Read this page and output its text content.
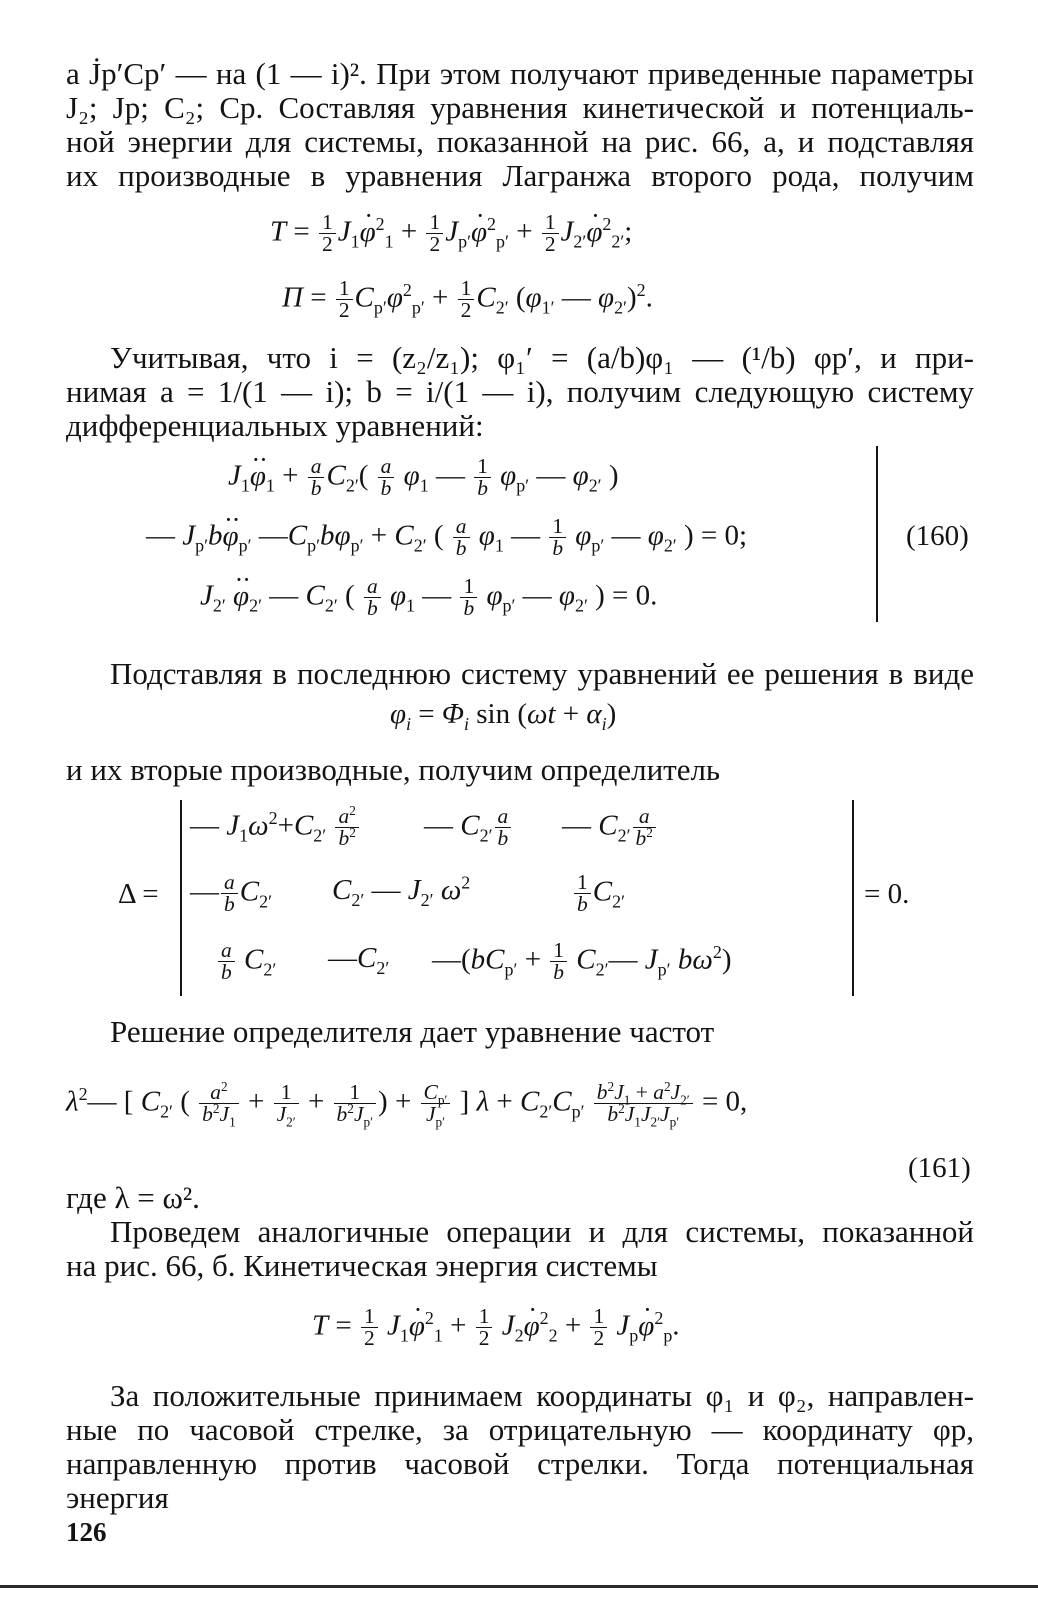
а J̇p′Cp′ — на (1 — i)². При этом получают приведенные параметры
J₂; Jp; C₂; Cp. Составляя уравнения кинетической и потенциаль-
ной энергии для системы, показанной на рис. 66, а, и подставляя
их производные в уравнения Лагранжа второго рода, получим
$T = \frac{1}{2} J_1\cdot \varphi^2_1 + \frac{1}{2} J_{p'}\cdot \varphi^2_{p'} + \frac{1}{2} J_{2'}\cdot \varphi^2_{2'}$;
$П = \frac{1}{2} C_{p'}\varphi^2_{p'} + \frac{1}{2} C_{2'}$ ($\varphi_{1'}$ — $\varphi_{2'})^2$.
Учитывая, что i = (z₂/z₁); φ₁′ = (a/b)φ₁ — (¹/b) φp′, и при-
нимая a = 1/(1 — i); b = i/(1 — i), получим следующую систему
дифференциальных уравнений:
$J_1\cdot\cdot \varphi_1 + \frac{a}{b} C_{2'}( \frac{a}{b} \varphi_1$ — $\frac{1}{b} \varphi_{p'}$ — $\varphi_{2'}$ )
— $J_{p'}b\cdot\cdot \varphi_{p'}$ $—C_{p'}b\varphi_{p'} + C_{2'}$ ( $\frac{a}{b} \varphi_1$ — $\frac{1}{b} \varphi_{p'}$ — $\varphi_{2'}$ ) = 0;
$J_{2'} \cdot\cdot \varphi_{2'}$ — $C_{2'}$ ( $\frac{a}{b} \varphi_1$ — $\frac{1}{b} \varphi_{p'}$ — $\varphi_{2'}$ ) = 0.
(160)
Подставляя в последнюю систему уравнений ее решения в виде
$\varphi_i = \Phi_i$ $\sin (\omega t + \alpha_i)$
и их вторые производные, получим определитель
Δ =	= 0.
— $J_1\omega^2+C_{2'} \frac{a^2}{b^2}$ — $C_{2'} \frac{a}{b}$ — $C_{2'} \frac{a}{b^2}$
— $\frac{a}{b} C_{2'}$ $C_{2'}$ — $J_{2'}$ $\omega^2$	$\frac{1}{b} C_{2'}$
$\frac{a}{b} C_{2'}$ $—C_{2'}$ $—(bC_{p'} + \frac{1}{b}$ $C_{2'}—$ $J_{p'}$ $b\omega^2$)
Решение определителя дает уравнение частот
$\lambda^2—$ [ $C_{2'}$ ( $\frac{a^2}{b^2J_1} + \frac{1}{J_{2'}} + \frac{1}{b^2J_{p'}}$ ) + $\frac{C_{p'}}{J_{p'}}$ ] $\lambda + C_{2'}C_{p'} \frac{b^2J_1 + a^2J_{2'}}{b^2J_1J_{2'}J_{p'}} = 0$,
(161)
где λ = ω².
Проведем аналогичные операции и для системы, показанной
на рис. 66, б. Кинетическая энергия системы
$T = \frac{1}{2} J_1\cdot \varphi^2_1 + \frac{1}{2} J_2\cdot \varphi^2_2 + \frac{1}{2} J_p\cdot \varphi^2_p$.
За положительные принимаем координаты φ₁ и φ₂, направлен-
ные по часовой стрелке, за отрицательную — координату φp,
направленную против часовой стрелки. Тогда потенциальная
энергия
126
